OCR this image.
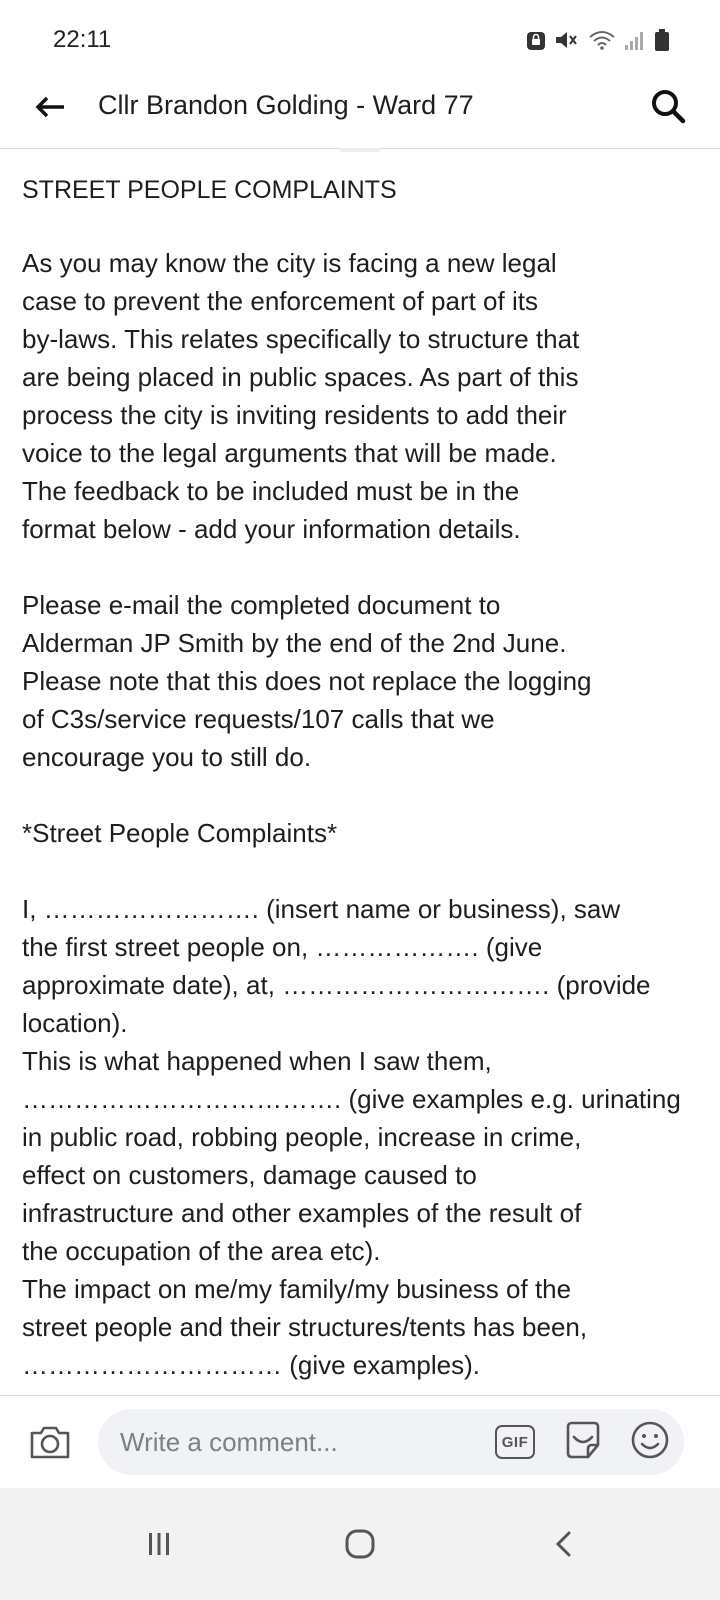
22:11
Cllr Brandon Golding - Ward 77

STREET PEOPLE COMPLAINTS

As you may know the city is facing a new legal

case to prevent the enforcement of part of its

by-laws. This relates specifically to structure that

are being placed in public spaces. As part of this

process the city is inviting residents to add their

voice to the legal arguments that will be made.

The feedback to be included must be in the

format below - add your information details.

Please e-mail the completed document to

Alderman JP Smith by the end of the 2nd June.

Please note that this does not replace the logging

of C3s/service requests/107 calls that we

encourage you to still do.

*Street People Complaints*

I, ……………………. (insert name or business), saw

the first street people on, ………………. (give

approximate date), at, …………………………. (provide

location).

This is what happened when I saw them,

………………………………. (give examples e.g. urinating

in public road, robbing people, increase in crime,

effect on customers, damage caused to

infrastructure and other examples of the result of

the occupation of the area etc).

The impact on me/my family/my business of the

street people and their structures/tents has been,

………………………… (give examples).

Write a comment...
GIF
